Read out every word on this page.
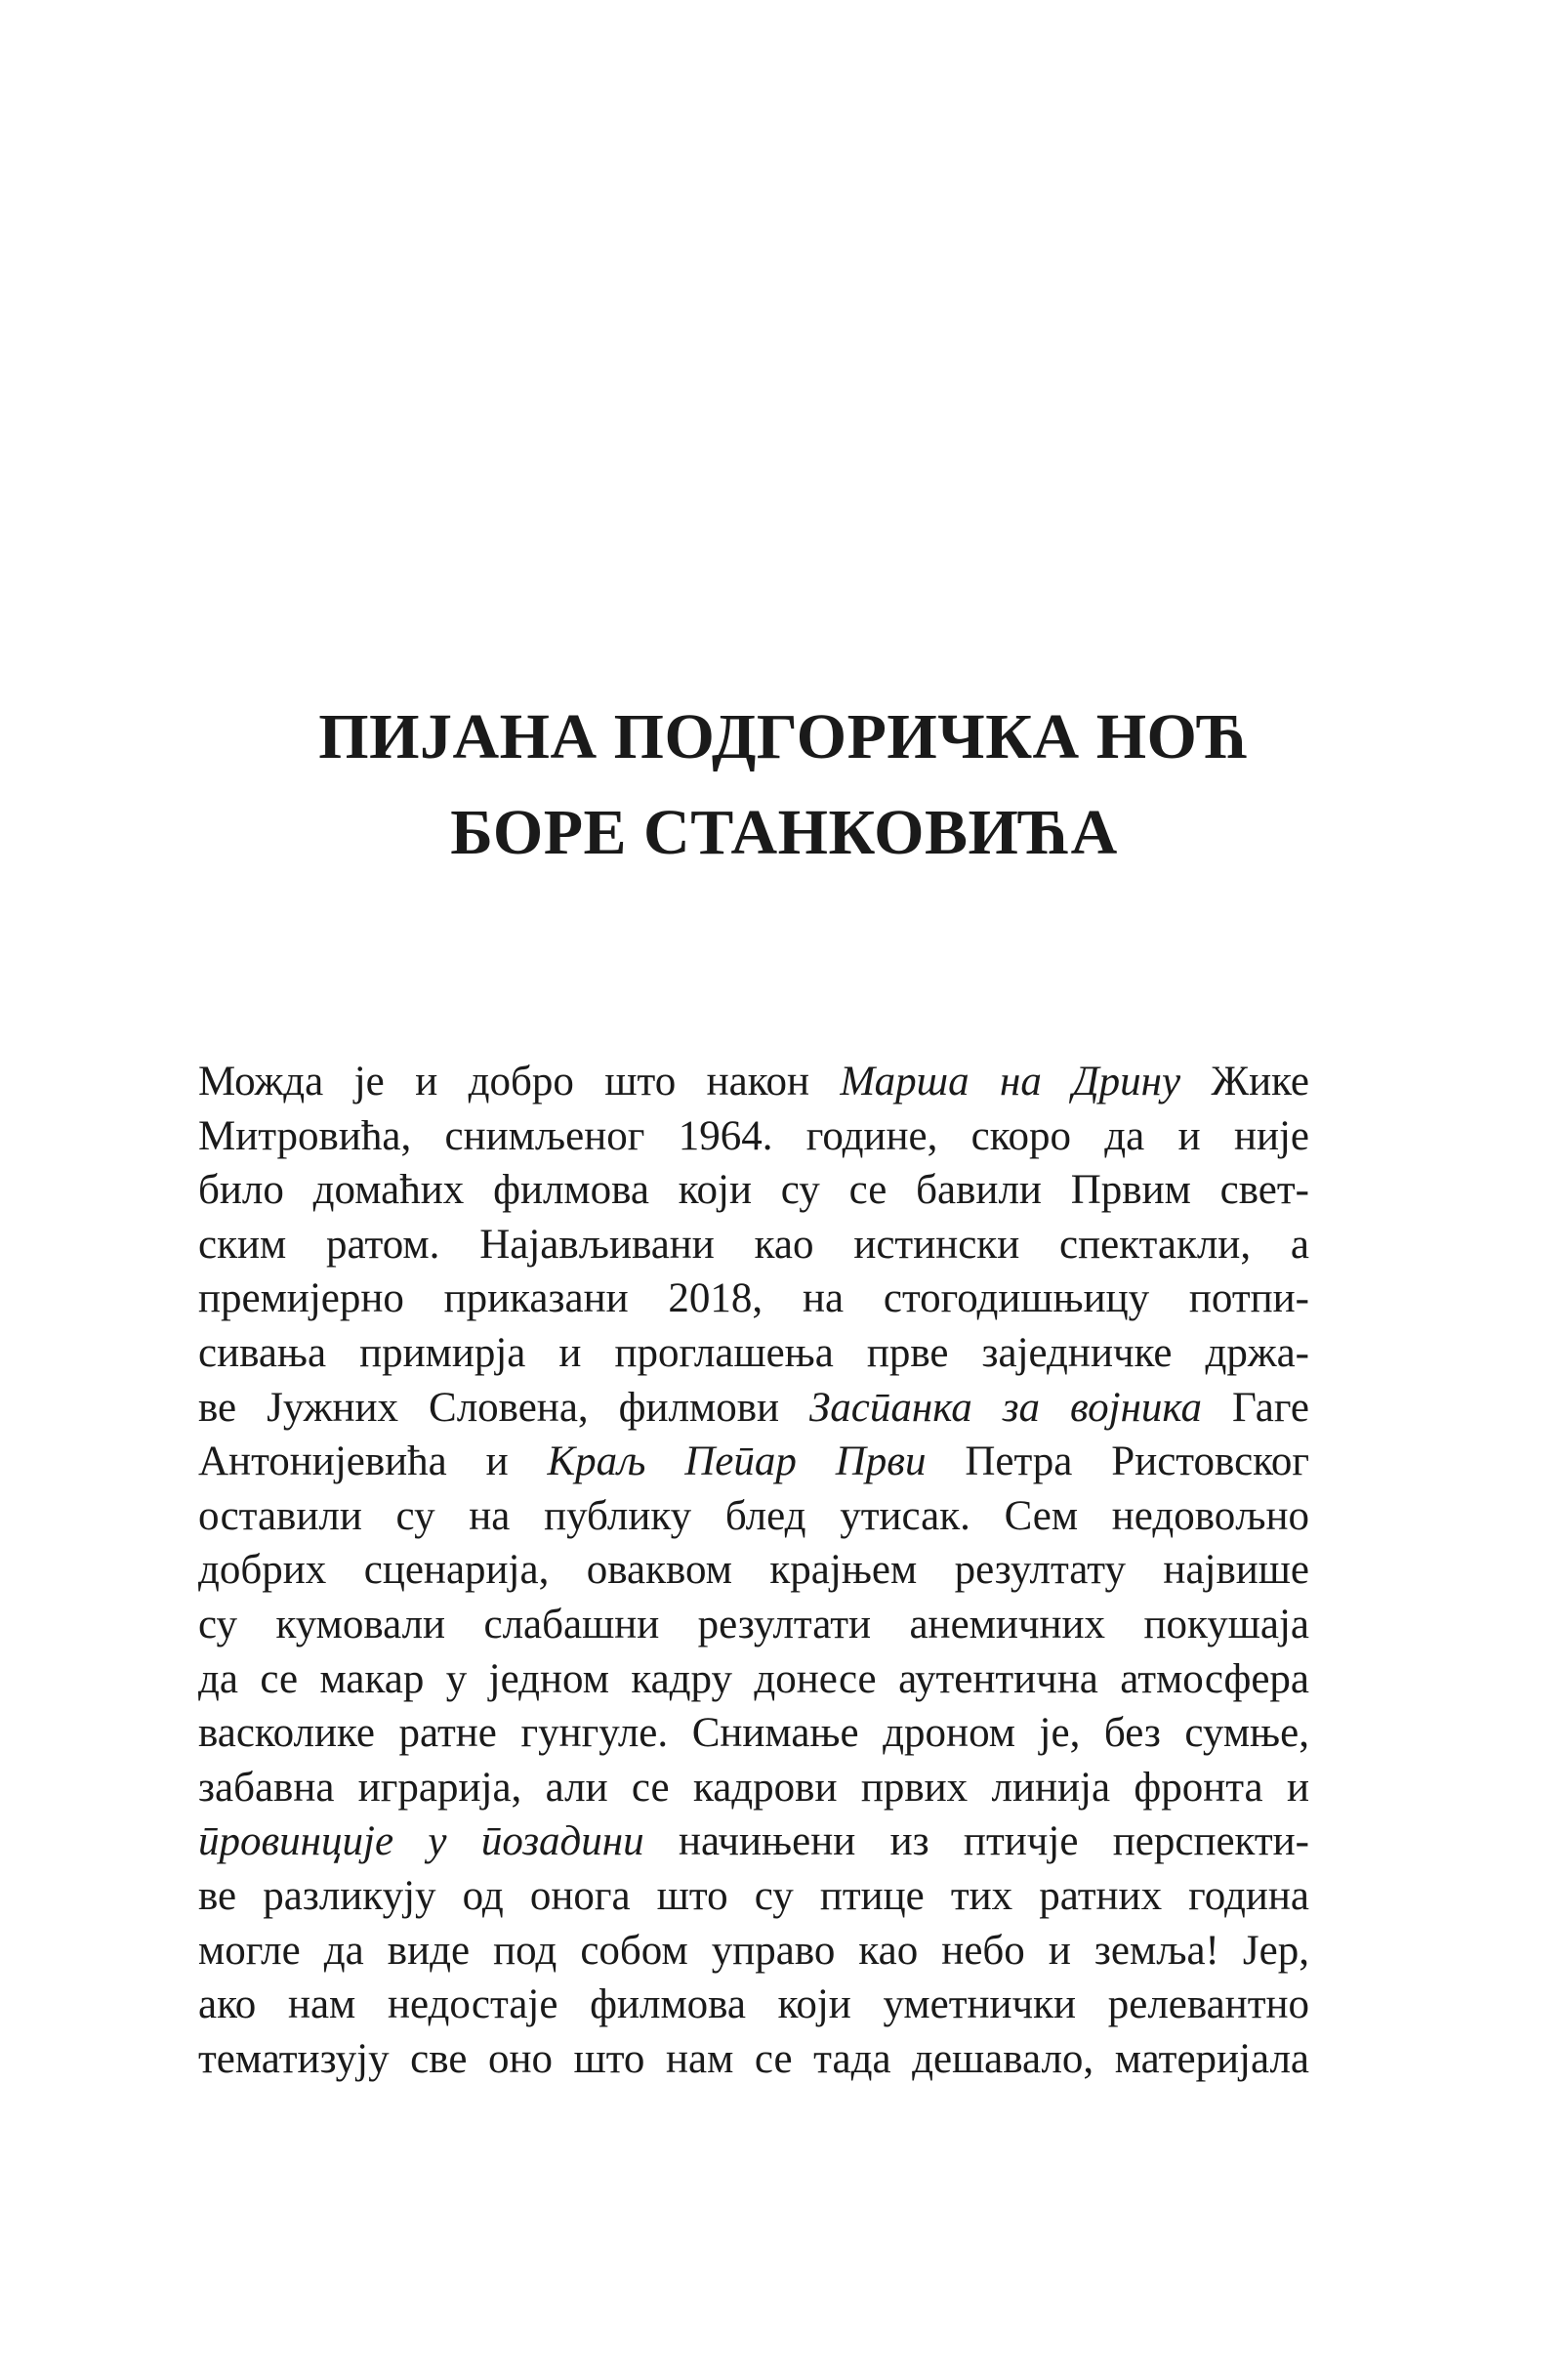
ПИЈАНА ПОДГОРИЧКА НОЋ
БОРЕ СТАНКОВИЋА
Можда је и добро што након Марша на Дрину Жике
Митровића, снимљеног 1964. године, скоро да и није
било домаћих филмова који су се бавили Првим свет-
ским ратом. Најављивани као истински спектакли, а
премијерно приказани 2018, на стогодишњицу потпи-
сивања примирја и проглашења прве заједничке држа-
ве Јужних Словена, филмови Засӣанка за војника Гаге
Антонијевића и Краљ Пеӣар Први Петра Ристовског
оставили су на публику блед утисак. Сем недовољно
добрих сценарија, оваквом крајњем резултату највише
су кумовали слабашни резултати анемичних покушаја
да се макар у једном кадру донесе аутентична атмосфера
васколике ратне гунгуле. Снимање дроном је, без сумње,
забавна играрија, али се кадрови првих линија фронта и
ӣровинције у ӣозадини начињени из птичје перспекти-
ве разликују од онога што су птице тих ратних година
могле да виде под собом управо као небо и земља! Јер,
ако нам недостаје филмова који уметнички релевантно
тематизују све оно што нам се тада дешавало, материјала
